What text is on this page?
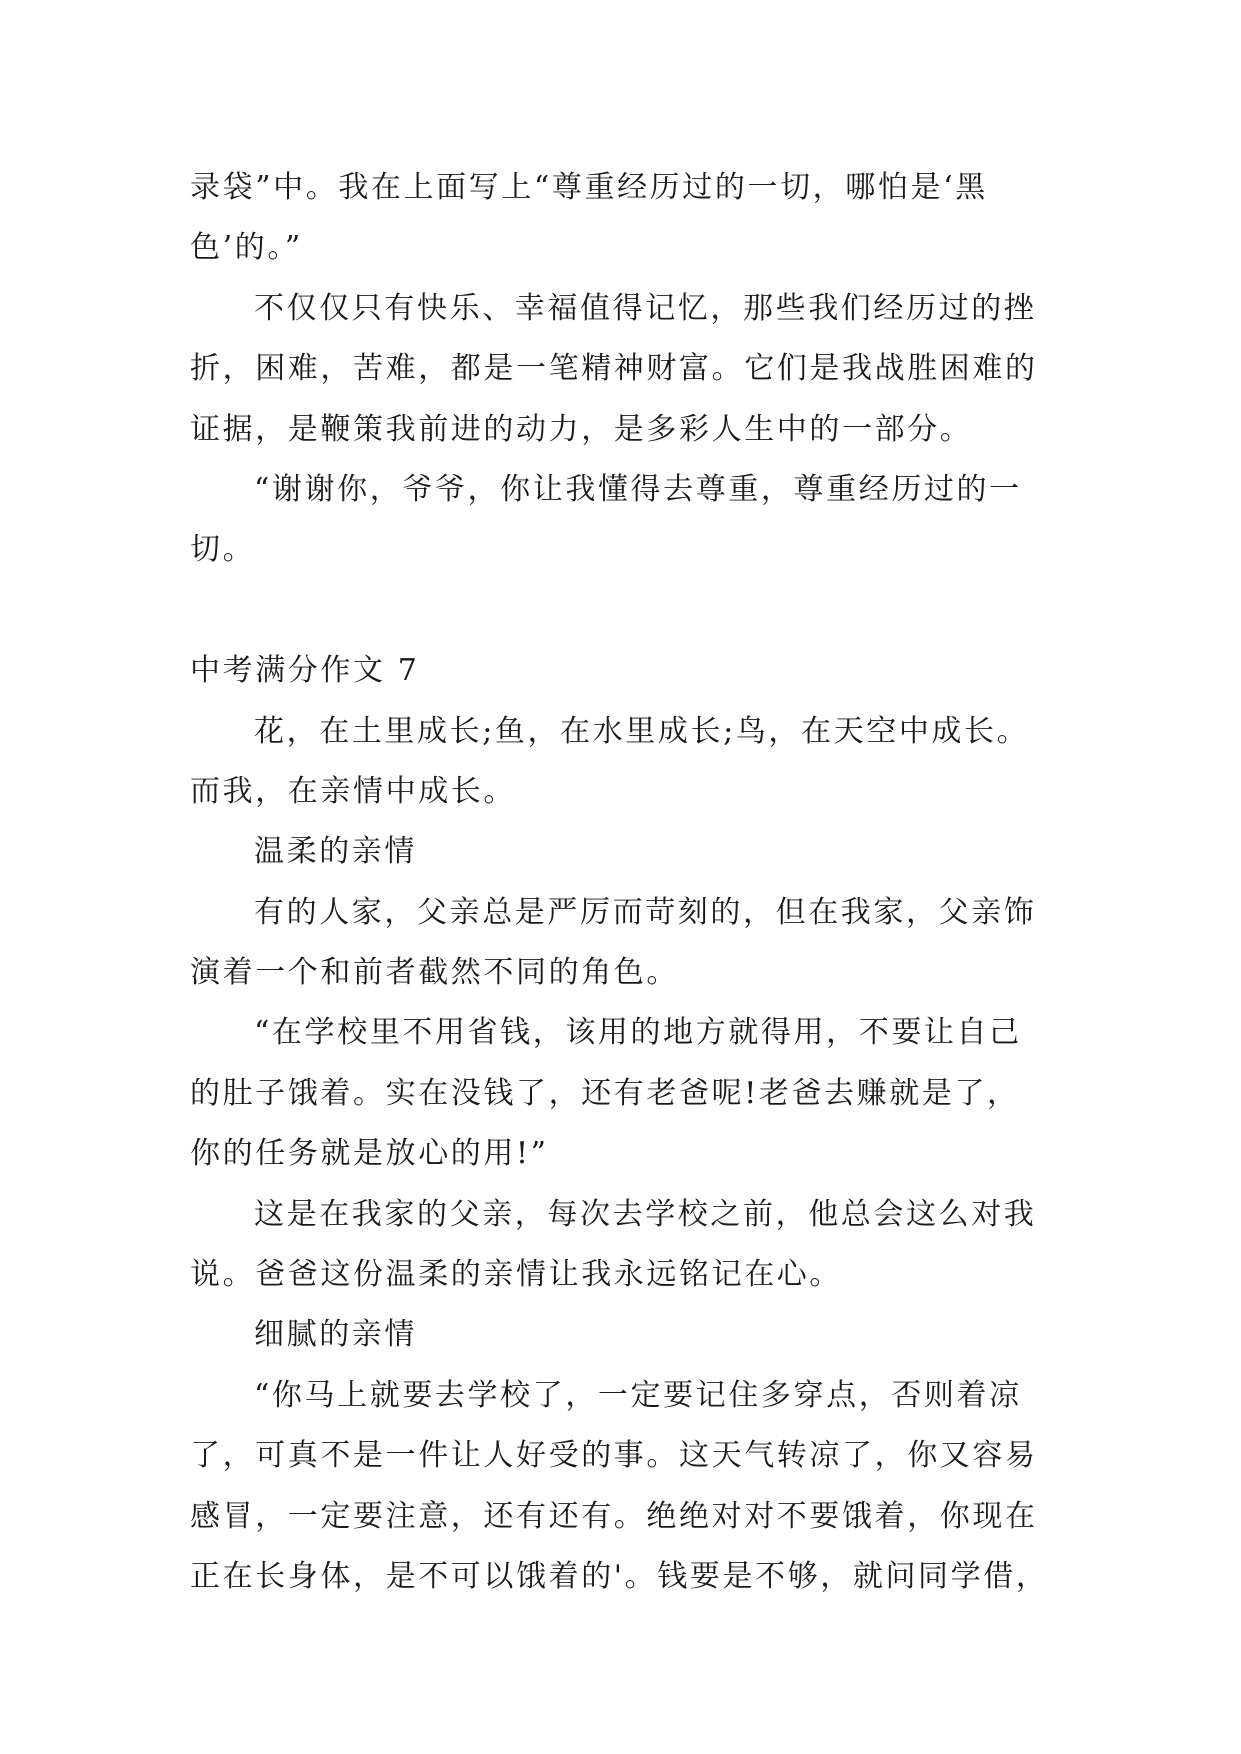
录袋”中。我在上面写上“尊重经历过的一切，哪怕是‘黑
色’的。”
不仅仅只有快乐、幸福值得记忆，那些我们经历过的挫
折，困难，苦难，都是一笔精神财富。它们是我战胜困难的
证据，是鞭策我前进的动力，是多彩人生中的一部分。
“谢谢你，爷爷，你让我懂得去尊重，尊重经历过的一
切。
中考满分作文 7
花，在土里成长;鱼，在水里成长;鸟，在天空中成长。
而我，在亲情中成长。
温柔的亲情
有的人家，父亲总是严厉而苛刻的，但在我家，父亲饰
演着一个和前者截然不同的角色。
“在学校里不用省钱，该用的地方就得用，不要让自己
的肚子饿着。实在没钱了，还有老爸呢!老爸去赚就是了，
你的任务就是放心的用!”
这是在我家的父亲，每次去学校之前，他总会这么对我
说。爸爸这份温柔的亲情让我永远铭记在心。
细腻的亲情
“你马上就要去学校了，一定要记住多穿点，否则着凉
了，可真不是一件让人好受的事。这天气转凉了，你又容易
感冒，一定要注意，还有还有。绝绝对对不要饿着，你现在
正在长身体，是不可以饿着的'。钱要是不够，就问同学借，
